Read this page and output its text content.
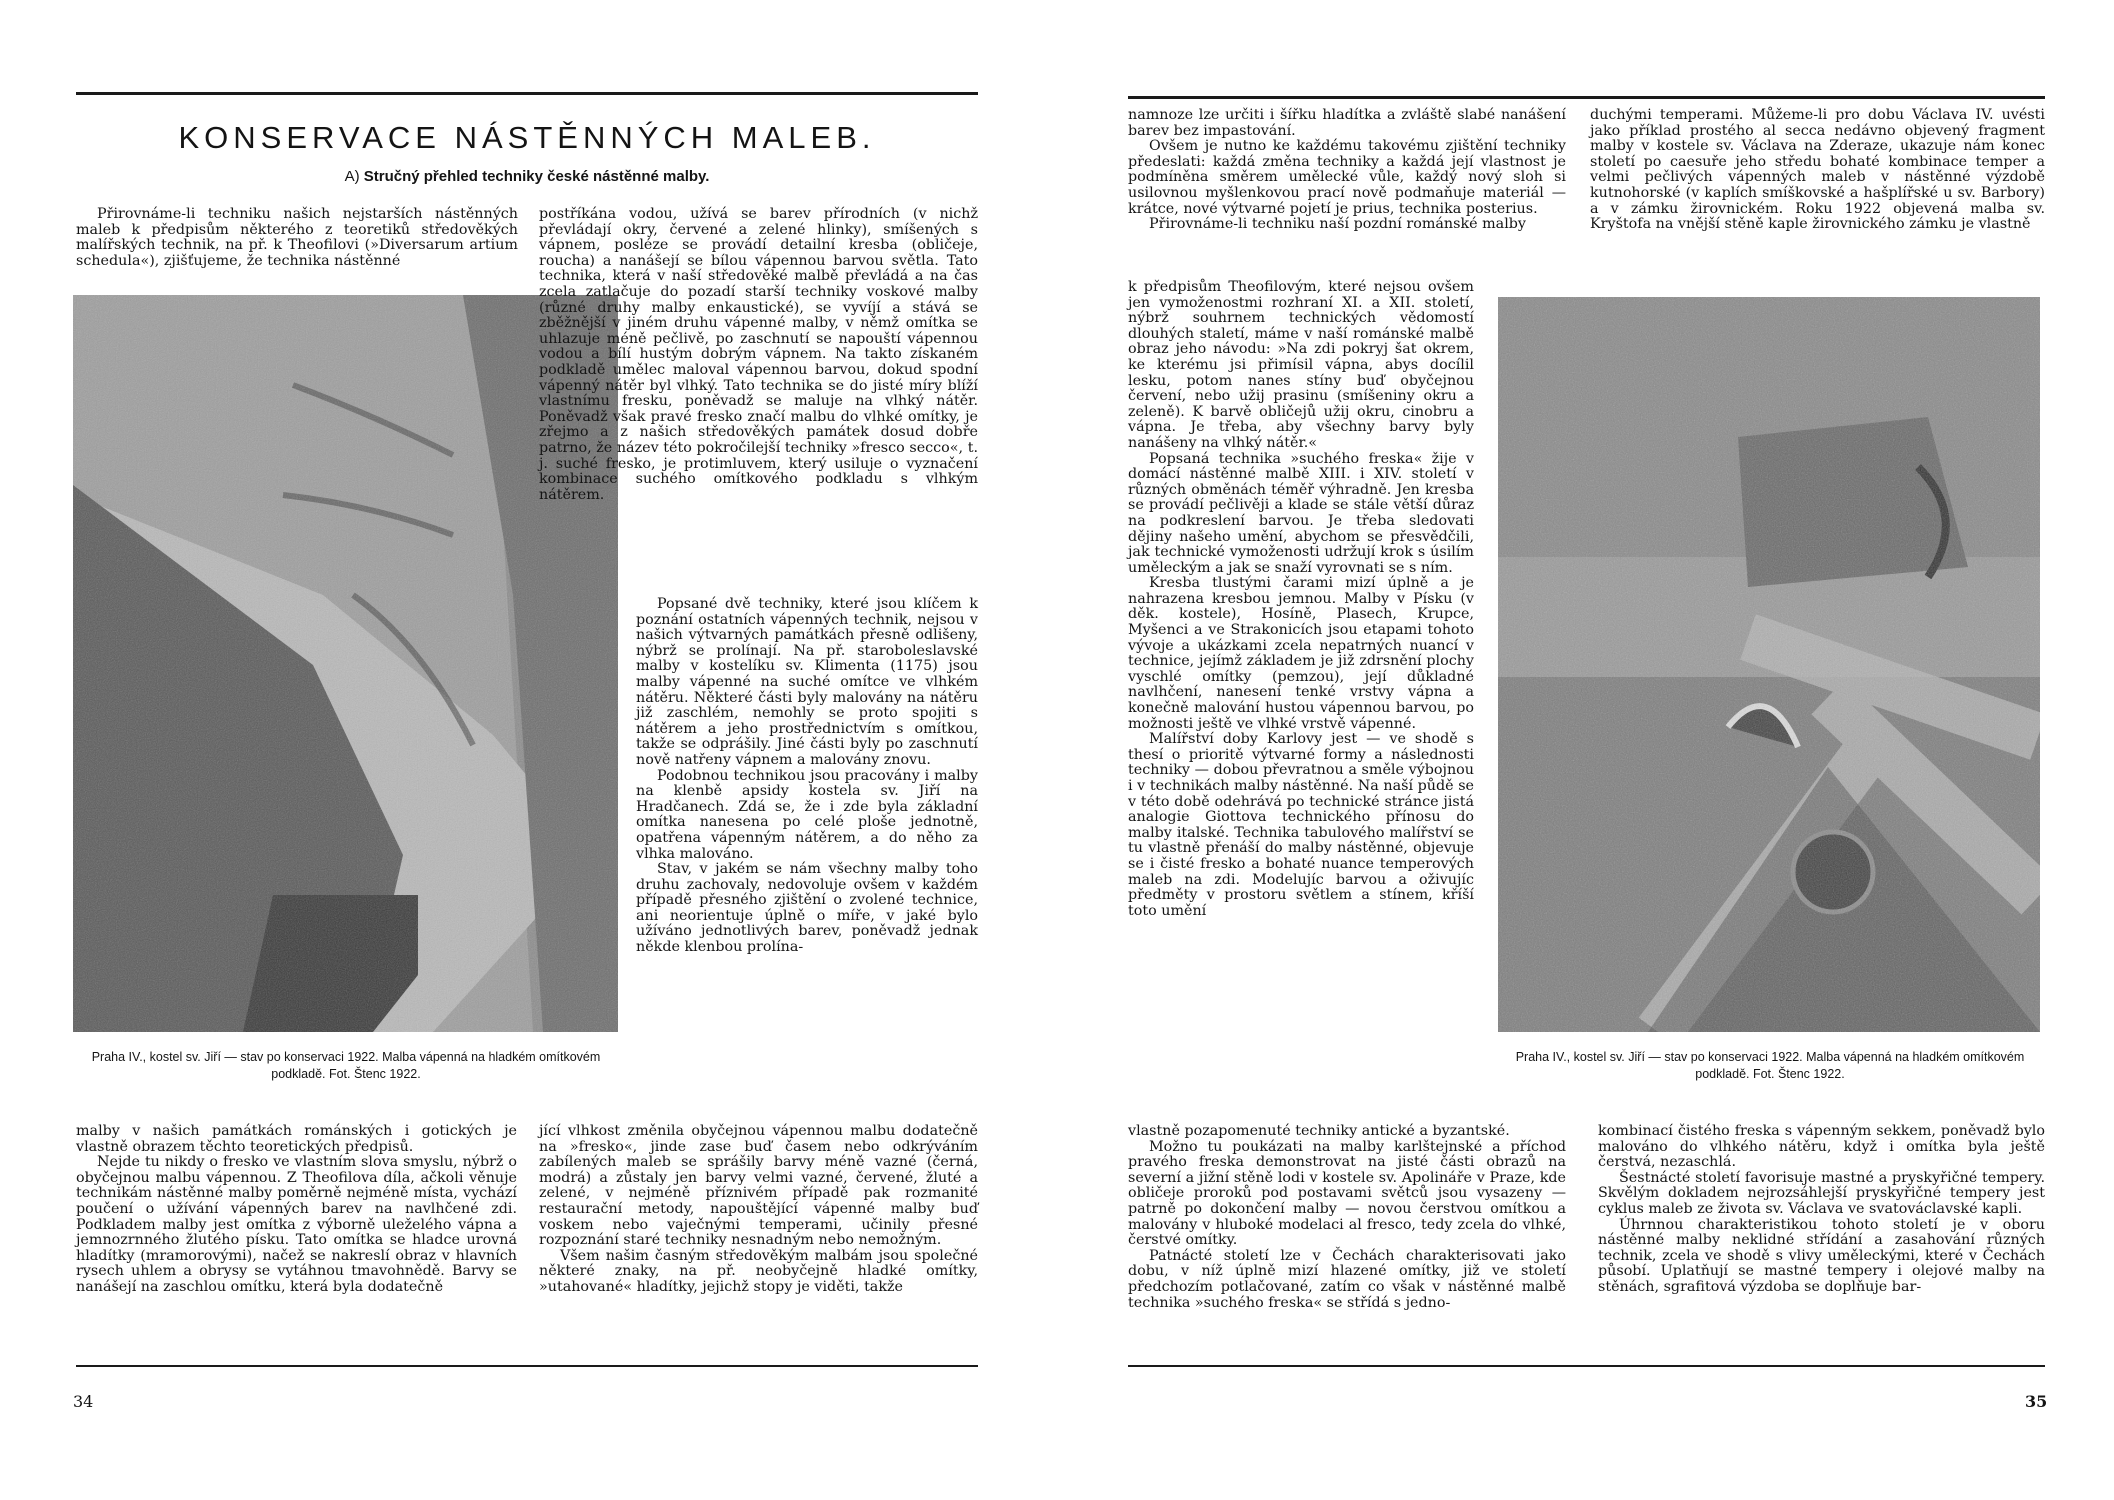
KONSERVACE NÁSTĚNNÝCH MALEB.
A) Stručný přehled techniky české nástěnné malby.

Přirovnáme-li techniku našich nejstarších nástěnných maleb k předpisům některého z teoretiků středověkých malířských technik, na př. k Theofilovi (»Diversarum artium schedula«), zjišťujeme, že technika nástěnné

Praha IV., kostel sv. Jiří — stav po konservaci 1922. Malba vápenná na hladkém omítkovém podkladě. Fot. Štenc 1922.

postříkána vodou, užívá se barev přírodních (v nichž převládají okry, červené a zelené hlinky), smíšených s vápnem, posléze se provádí detailní kresba (obličeje, roucha) a nanášejí se bílou vápennou barvou světla. Tato technika, která v naší středověké malbě převládá a na čas zcela zatlačuje do pozadí starší techniky voskové malby (různé druhy malby enkaustické), se vyvíjí a stává se zběžnější v jiném druhu vápenné malby, v němž omítka se uhlazuje méně pečlivě, po zaschnutí se napouští vápennou vodou a bílí hustým dobrým vápnem. Na takto získaném podkladě umělec maloval vápennou barvou, dokud spodní vápenný nátěr byl vlhký. Tato technika se do jisté míry blíží vlastnímu fresku, poněvadž se maluje na vlhký nátěr. Poněvadž však pravé fresko značí malbu do vlhké omítky, je zřejmo a z našich středověkých památek dosud dobře patrno, že název této pokročilejší techniky »fresco secco«, t. j. suché fresko, je protimluvem, který usiluje o vyznačení kombinace suchého omítkového podkladu s vlhkým nátěrem.

Popsané dvě techniky, které jsou klíčem k poznání ostatních vápenných technik, nejsou v našich výtvarných památkách přesně odlišeny, nýbrž se prolínají. Na př. staroboleslavské malby v kostelíku sv. Klimenta (1175) jsou malby vápenné na suché omítce ve vlhkém nátěru. Některé části byly malovány na nátěru již zaschlém, nemohly se proto spojiti s nátěrem a jeho prostřednictvím s omítkou, takže se odprášily. Jiné části byly po zaschnutí nově natřeny vápnem a malovány znovu.

Podobnou technikou jsou pracovány i malby na klenbě apsidy kostela sv. Jiří na Hradčanech. Zdá se, že i zde byla základní omítka nanesena po celé ploše jednotně, opatřena vápenným nátěrem, a do něho za vlhka malováno.

Stav, v jakém se nám všechny malby toho druhu zachovaly, nedovoluje ovšem v každém případě přesného zjištění o zvolené technice, ani neorientuje úplně o míře, v jaké bylo užíváno jednotlivých barev, poněvadž jednak někde klenbou prolína-

malby v našich památkách románských i gotických je vlastně obrazem těchto teoretických předpisů.

Nejde tu nikdy o fresko ve vlastním slova smyslu, nýbrž o obyčejnou malbu vápennou. Z Theofilova díla, ačkoli věnuje technikám nástěnné malby poměrně nejméně místa, vychází poučení o užívání vápenných barev na navlhčené zdi. Podkladem malby jest omítka z výborně uleželého vápna a jemnozrnného žlutého písku. Tato omítka se hladce urovná hladítky (mramorovými), načež se nakreslí obraz v hlavních rysech uhlem a obrysy se vytáhnou tmavohnědě. Barvy se nanášejí na zaschlou omítku, která byla dodatečně

jící vlhkost změnila obyčejnou vápennou malbu dodatečně na »fresko«, jinde zase buď časem nebo odkrýváním zabílených maleb se sprášily barvy méně vazné (černá, modrá) a zůstaly jen barvy velmi vazné, červené, žluté a zelené, v nejméně příznivém případě pak rozmanité restaurační metody, napouštějící vápenné malby buď voskem nebo vaječnými temperami, učinily přesné rozpoznání staré techniky nesnadným nebo nemožným.

Všem našim časným středověkým malbám jsou společné některé znaky, na př. neobyčejně hladké omítky, »utahované« hladítky, jejichž stopy je viděti, takže

34

namnoze lze určiti i šířku hladítka a zvláště slabé nanášení barev bez impastování.

Ovšem je nutno ke každému takovému zjištění techniky předeslati: každá změna techniky a každá její vlastnost je podmíněna směrem umělecké vůle, každý nový sloh si usilovnou myšlenkovou prací nově podmaňuje materiál — krátce, nové výtvarné pojetí je prius, technika posterius.

Přirovnáme-li techniku naší pozdní románské malby

k předpisům Theofilovým, které nejsou ovšem jen vymoženostmi rozhraní XI. a XII. století, nýbrž souhrnem technických vědomostí dlouhých staletí, máme v naší románské malbě obraz jeho návodu: »Na zdi pokryj šat okrem, ke kterému jsi přimísil vápna, abys docílil lesku, potom nanes stíny buď obyčejnou červení, nebo užij prasinu (smíšeniny okru a zeleně). K barvě obličejů užij okru, cinobru a vápna. Je třeba, aby všechny barvy byly nanášeny na vlhký nátěr.«

Popsaná technika »suchého freska« žije v domácí nástěnné malbě XIII. i XIV. století v různých obměnách téměř výhradně. Jen kresba se provádí pečlivěji a klade se stále větší důraz na podkreslení barvou. Je třeba sledovati dějiny našeho umění, abychom se přesvědčili, jak technické vymoženosti udržují krok s úsilím uměleckým a jak se snaží vyrovnati se s ním.

Kresba tlustými čarami mizí úplně a je nahrazena kresbou jemnou. Malby v Písku (v děk. kostele), Hosíně, Plasech, Krupce, Myšenci a ve Strakonicích jsou etapami tohoto vývoje a ukázkami zcela nepatrných nuancí v technice, jejímž základem je již zdrsnění plochy vyschlé omítky (pemzou), její důkladné navlhčení, nanesení tenké vrstvy vápna a konečně malování hustou vápennou barvou, po možnosti ještě ve vlhké vrstvě vápenné.

Malířství doby Karlovy jest — ve shodě s thesí o prioritě výtvarné formy a následnosti techniky — dobou převratnou a směle výbojnou i v technikách malby nástěnné. Na naší půdě se v této době odehrává po technické stránce jistá analogie Giottova technického přínosu do malby italské. Technika tabulového malířství se tu vlastně přenáší do malby nástěnné, objevuje se i čisté fresko a bohaté nuance temperových maleb na zdi. Modelujíc barvou a oživujíc předměty v prostoru světlem a stínem, kříší toto umění

duchými temperami. Můžeme-li pro dobu Václava IV. uvésti jako příklad prostého al secca nedávno objevený fragment malby v kostele sv. Václava na Zderaze, ukazuje nám konec století po caesuře jeho středu bohaté kombinace temper a velmi pečlivých vápenných maleb v nástěnné výzdobě kutnohorské (v kaplích smíškovské a hašplířské u sv. Barbory) a v zámku žirovnickém. Roku 1922 objevená malba sv. Kryštofa na vnější stěně kaple žirovnického zámku je vlastně

Praha IV., kostel sv. Jiří — stav po konservaci 1922. Malba vápenná na hladkém omítkovém podkladě. Fot. Štenc 1922.

vlastně pozapomenuté techniky antické a byzantské.

Možno tu poukázati na malby karlštejnské a příchod pravého freska demonstrovat na jisté části obrazů na severní a jižní stěně lodi v kostele sv. Apolináře v Praze, kde obličeje proroků pod postavami světců jsou vysazeny — patrně po dokončení malby — novou čerstvou omítkou a malovány v hluboké modelaci al fresco, tedy zcela do vlhké, čerstvé omítky.

Patnácté století lze v Čechách charakterisovati jako dobu, v níž úplně mizí hlazené omítky, již ve století předchozím potlačované, zatím co však v nástěnné malbě technika »suchého freska« se střídá s jedno-

kombinací čistého freska s vápenným sekkem, poněvadž bylo malováno do vlhkého nátěru, když i omítka byla ještě čerstvá, nezaschlá.

Šestnácté století favorisuje mastné a pryskyřičné tempery. Skvělým dokladem nejrozsáhlejší pryskyřičné tempery jest cyklus maleb ze života sv. Václava ve svatováclavské kapli.

Úhrnnou charakteristikou tohoto století je v oboru nástěnné malby neklidné střídání a zasahování různých technik, zcela ve shodě s vlivy uměleckými, které v Čechách působí. Uplatňují se mastné tempery i olejové malby na stěnách, sgrafitová výzdoba se doplňuje bar-

35
